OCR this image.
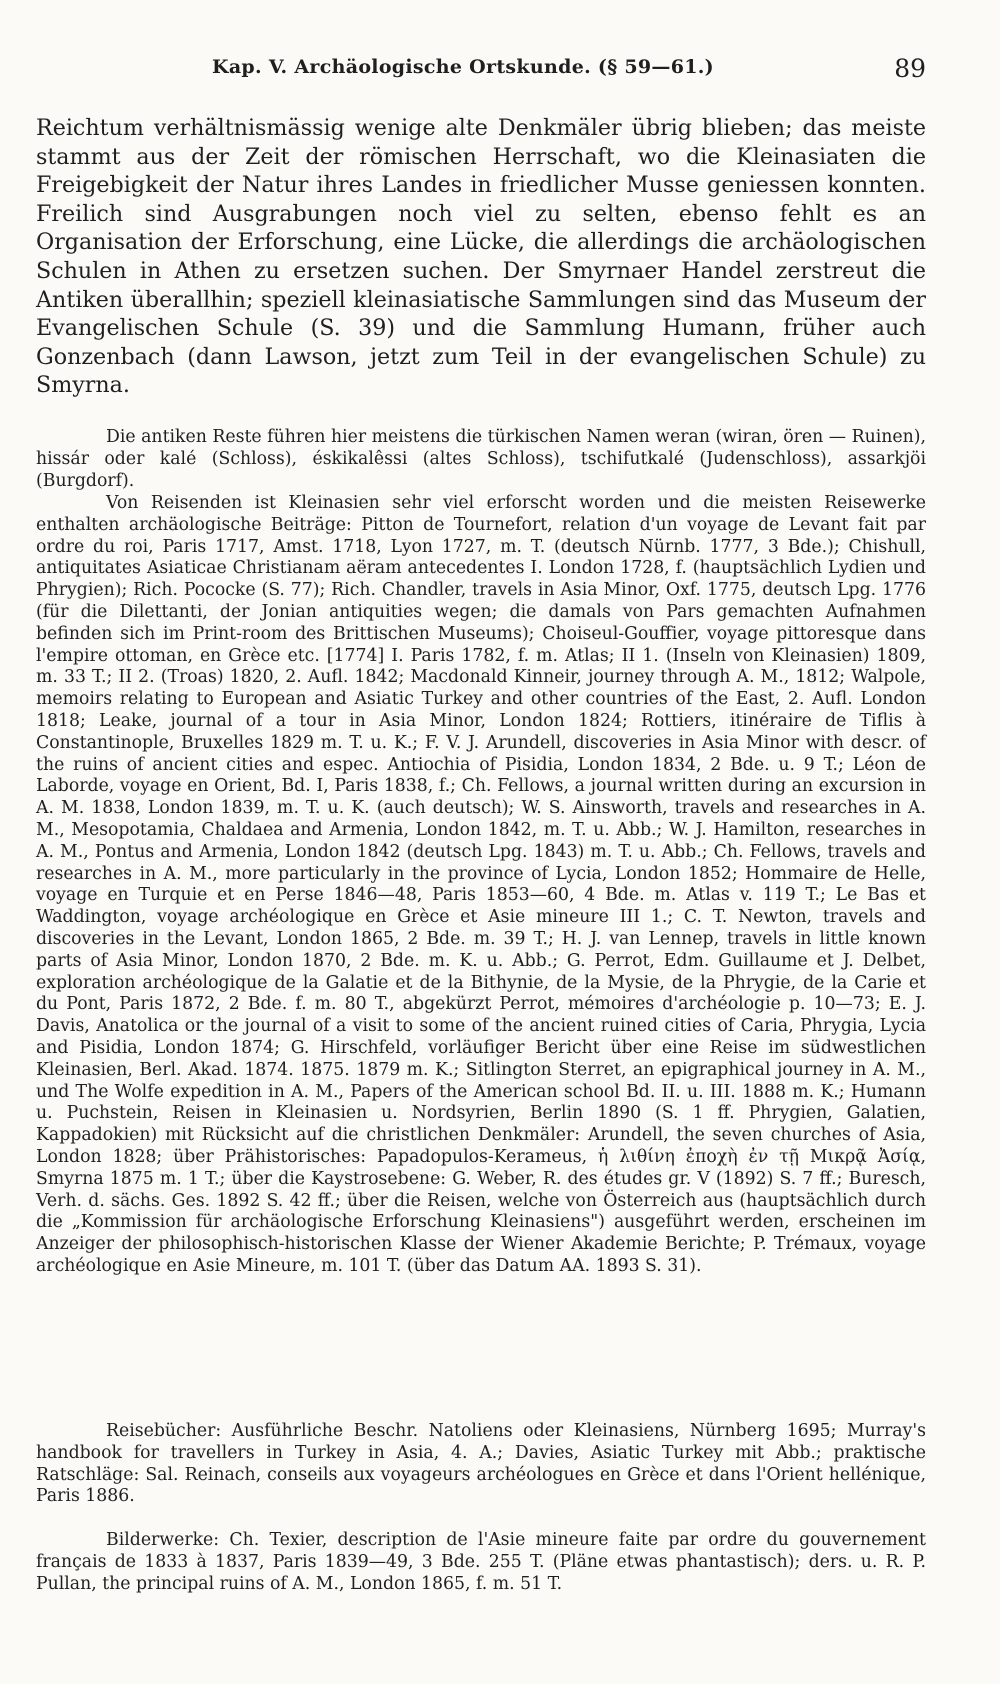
Kap. V. Archäologische Ortskunde. (§ 59—61.)	89

Reichtum verhältnismässig wenige alte Denkmäler übrig blieben; das meiste stammt aus der Zeit der römischen Herrschaft, wo die Kleinasiaten die Freigebigkeit der Natur ihres Landes in friedlicher Musse geniessen konnten. Freilich sind Ausgrabungen noch viel zu selten, ebenso fehlt es an Organisation der Erforschung, eine Lücke, die allerdings die archäologischen Schulen in Athen zu ersetzen suchen. Der Smyrnaer Handel zerstreut die Antiken überallhin; speziell kleinasiatische Sammlungen sind das Museum der Evangelischen Schule (S. 39) und die Sammlung Humann, früher auch Gonzenbach (dann Lawson, jetzt zum Teil in der evangelischen Schule) zu Smyrna.

Die antiken Reste führen hier meistens die türkischen Namen weran (wiran, ören — Ruinen), hissár oder kalé (Schloss), éskikalêssi (altes Schloss), tschifutkalé (Judenschloss), assarkjöi (Burgdorf).

Von Reisenden ist Kleinasien sehr viel erforscht worden und die meisten Reisewerke enthalten archäologische Beiträge: Pitton de Tournefort, relation d'un voyage de Levant fait par ordre du roi, Paris 1717, Amst. 1718, Lyon 1727, m. T. (deutsch Nürnb. 1777, 3 Bde.); Chishull, antiquitates Asiaticae Christianam aëram antecedentes I. London 1728, f. (hauptsächlich Lydien und Phrygien); Rich. Pococke (S. 77); Rich. Chandler, travels in Asia Minor, Oxf. 1775, deutsch Lpg. 1776 (für die Dilettanti, der Jonian antiquities wegen; die damals von Pars gemachten Aufnahmen befinden sich im Print-room des Brittischen Museums); Choiseul-Gouffier, voyage pittoresque dans l'empire ottoman, en Grèce etc. [1774] I. Paris 1782, f. m. Atlas; II 1. (Inseln von Kleinasien) 1809, m. 33 T.; II 2. (Troas) 1820, 2. Aufl. 1842; Macdonald Kinneir, journey through A. M., 1812; Walpole, memoirs relating to European and Asiatic Turkey and other countries of the East, 2. Aufl. London 1818; Leake, journal of a tour in Asia Minor, London 1824; Rottiers, itinéraire de Tiflis à Constantinople, Bruxelles 1829 m. T. u. K.; F. V. J. Arundell, discoveries in Asia Minor with descr. of the ruins of ancient cities and espec. Antiochia of Pisidia, London 1834, 2 Bde. u. 9 T.; Léon de Laborde, voyage en Orient, Bd. I, Paris 1838, f.; Ch. Fellows, a journal written during an excursion in A. M. 1838, London 1839, m. T. u. K. (auch deutsch); W. S. Ainsworth, travels and researches in A. M., Mesopotamia, Chaldaea and Armenia, London 1842, m. T. u. Abb.; W. J. Hamilton, researches in A. M., Pontus and Armenia, London 1842 (deutsch Lpg. 1843) m. T. u. Abb.; Ch. Fellows, travels and researches in A. M., more particularly in the province of Lycia, London 1852; Hommaire de Helle, voyage en Turquie et en Perse 1846—48, Paris 1853—60, 4 Bde. m. Atlas v. 119 T.; Le Bas et Waddington, voyage archéologique en Grèce et Asie mineure III 1.; C. T. Newton, travels and discoveries in the Levant, London 1865, 2 Bde. m. 39 T.; H. J. van Lennep, travels in little known parts of Asia Minor, London 1870, 2 Bde. m. K. u. Abb.; G. Perrot, Edm. Guillaume et J. Delbet, exploration archéologique de la Galatie et de la Bithynie, de la Mysie, de la Phrygie, de la Carie et du Pont, Paris 1872, 2 Bde. f. m. 80 T., abgekürzt Perrot, mémoires d'archéologie p. 10—73; E. J. Davis, Anatolica or the journal of a visit to some of the ancient ruined cities of Caria, Phrygia, Lycia and Pisidia, London 1874; G. Hirschfeld, vorläufiger Bericht über eine Reise im südwestlichen Kleinasien, Berl. Akad. 1874. 1875. 1879 m. K.; Sitlington Sterret, an epigraphical journey in A. M., und The Wolfe expedition in A. M., Papers of the American school Bd. II. u. III. 1888 m. K.; Humann u. Puchstein, Reisen in Kleinasien u. Nordsyrien, Berlin 1890 (S. 1 ff. Phrygien, Galatien, Kappadokien) mit Rücksicht auf die christlichen Denkmäler: Arundell, the seven churches of Asia, London 1828; über Prähistorisches: Papadopulos-Kerameus, ἡ λιθίνη ἐποχὴ ἐν τῇ Μικρᾷ Ἀσίᾳ, Smyrna 1875 m. 1 T.; über die Kaystrosebene: G. Weber, R. des études gr. V (1892) S. 7 ff.; Buresch, Verh. d. sächs. Ges. 1892 S. 42 ff.; über die Reisen, welche von Österreich aus (hauptsächlich durch die „Kommission für archäologische Erforschung Kleinasiens") ausgeführt werden, erscheinen im Anzeiger der philosophisch-historischen Klasse der Wiener Akademie Berichte; P. Trémaux, voyage archéologique en Asie Mineure, m. 101 T. (über das Datum AA. 1893 S. 31).

Reisebücher: Ausführliche Beschr. Natoliens oder Kleinasiens, Nürnberg 1695; Murray's handbook for travellers in Turkey in Asia, 4. A.; Davies, Asiatic Turkey mit Abb.; praktische Ratschläge: Sal. Reinach, conseils aux voyageurs archéologues en Grèce et dans l'Orient hellénique, Paris 1886.

Bilderwerke: Ch. Texier, description de l'Asie mineure faite par ordre du gouvernement français de 1833 à 1837, Paris 1839—49, 3 Bde. 255 T. (Pläne etwas phantastisch); ders. u. R. P. Pullan, the principal ruins of A. M., London 1865, f. m. 51 T.
